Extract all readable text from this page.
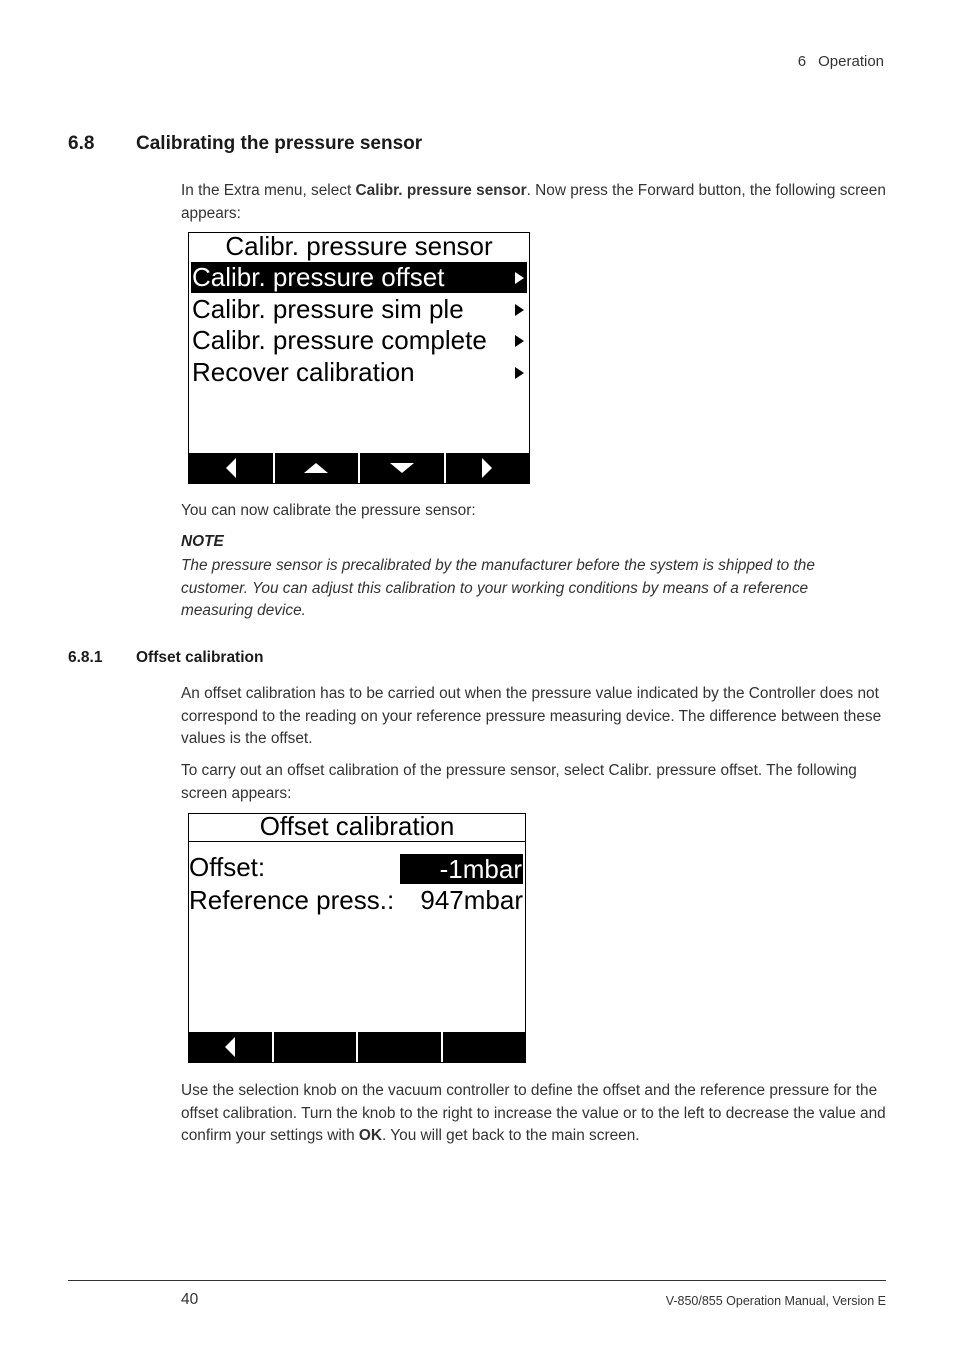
6 Operation
6.8 Calibrating the pressure sensor
In the Extra menu, select Calibr. pressure sensor. Now press the Forward button, the following screen appears:
Calibr. pressure sensor
Calibr. pressure offset
Calibr. pressure sim ple
Calibr. pressure complete
Recover calibration
You can now calibrate the pressure sensor:
NOTE
The pressure sensor is precalibrated by the manufacturer before the system is shipped to the customer. You can adjust this calibration to your working conditions by means of a reference measuring device.
6.8.1 Offset calibration
An offset calibration has to be carried out when the pressure value indicated by the Controller does not correspond to the reading on your reference pressure measuring device. The difference between these values is the offset.
To carry out an offset calibration of the pressure sensor, select Calibr. pressure offset. The following screen appears:
Offset calibration
Offset:	-1mbar
Reference press.: 947mbar
Use the selection knob on the vacuum controller to define the offset and the reference pressure for the offset calibration. Turn the knob to the right to increase the value or to the left to decrease the value and confirm your settings with OK. You will get back to the main screen.
40	V-850/855 Operation Manual, Version E
